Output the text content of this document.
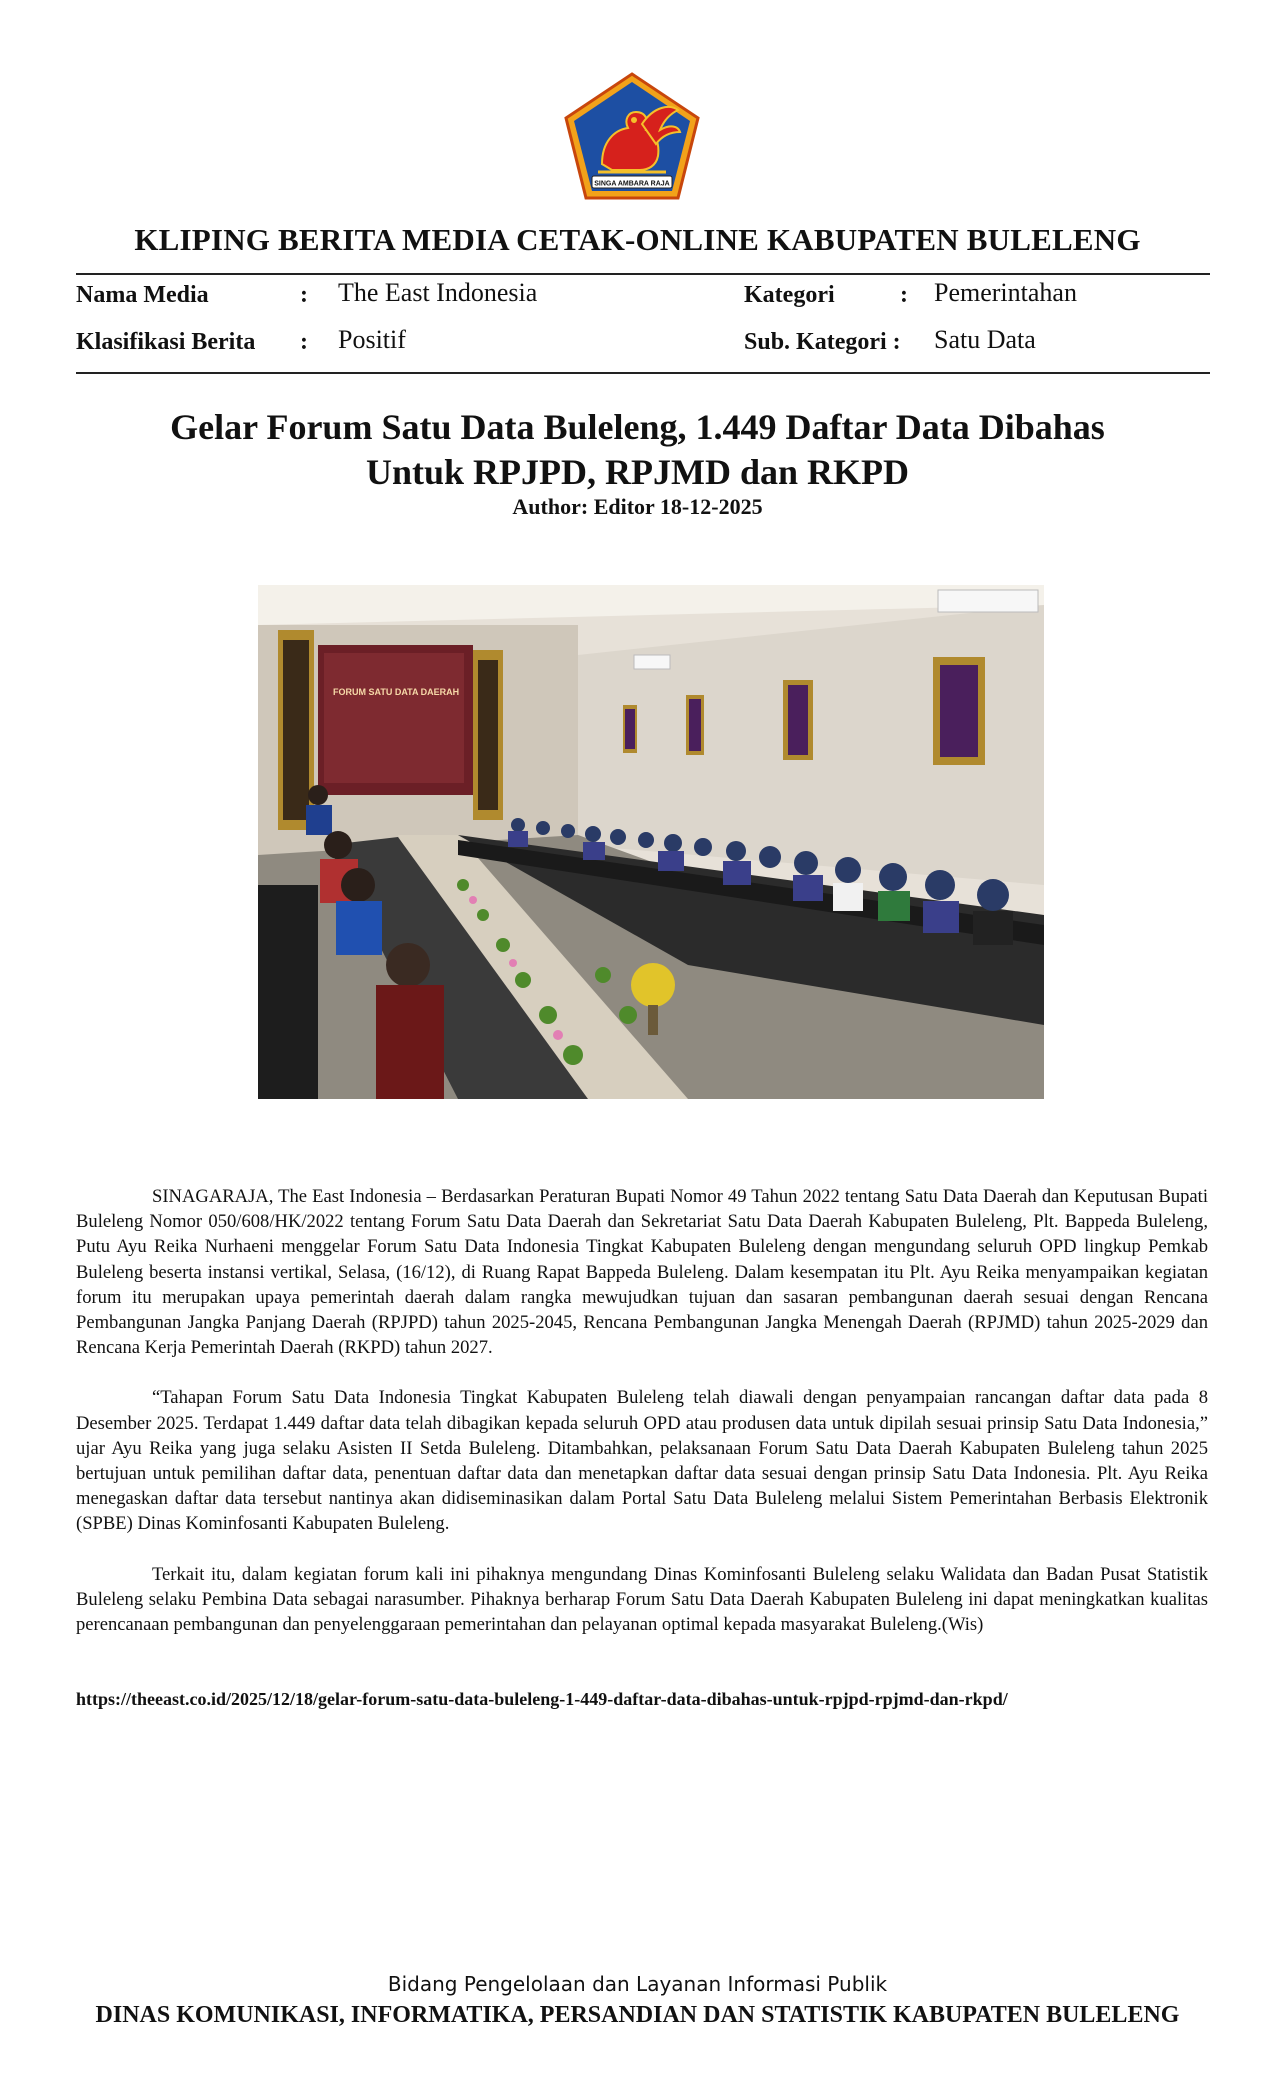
SINGA AMBARA RAJA
KLIPING BERITA MEDIA CETAK-ONLINE KABUPATEN BULELENG
Nama Media	: The East Indonesia	Kategori	: Pemerintahan
Klasifikasi Berita : Positif	Sub. Kategori : Satu Data
Gelar Forum Satu Data Buleleng, 1.449 Daftar Data Dibahas
Untuk RPJPD, RPJMD dan RKPD
Author: Editor 18-12-2025
FORUM SATU DATA DAERAH

SINAGARAJA, The East Indonesia – Berdasarkan Peraturan Bupati Nomor 49 Tahun 2022 tentang Satu Data Daerah dan Keputusan Bupati Buleleng Nomor 050/608/HK/2022 tentang Forum Satu Data Daerah dan Sekretariat Satu Data Daerah Kabupaten Buleleng, Plt. Bappeda Buleleng, Putu Ayu Reika Nurhaeni menggelar Forum Satu Data Indonesia Tingkat Kabupaten Buleleng dengan mengundang seluruh OPD lingkup Pemkab Buleleng beserta instansi vertikal, Selasa, (16/12), di Ruang Rapat Bappeda Buleleng. Dalam kesempatan itu Plt. Ayu Reika menyampaikan kegiatan forum itu merupakan upaya pemerintah daerah dalam rangka mewujudkan tujuan dan sasaran pembangunan daerah sesuai dengan Rencana Pembangunan Jangka Panjang Daerah (RPJPD) tahun 2025-2045, Rencana Pembangunan Jangka Menengah Daerah (RPJMD) tahun 2025-2029 dan Rencana Kerja Pemerintah Daerah (RKPD) tahun 2027.

“Tahapan Forum Satu Data Indonesia Tingkat Kabupaten Buleleng telah diawali dengan penyampaian rancangan daftar data pada 8 Desember 2025. Terdapat 1.449 daftar data telah dibagikan kepada seluruh OPD atau produsen data untuk dipilah sesuai prinsip Satu Data Indonesia,” ujar Ayu Reika yang juga selaku Asisten II Setda Buleleng. Ditambahkan, pelaksanaan Forum Satu Data Daerah Kabupaten Buleleng tahun 2025 bertujuan untuk pemilihan daftar data, penentuan daftar data dan menetapkan daftar data sesuai dengan prinsip Satu Data Indonesia. Plt. Ayu Reika menegaskan daftar data tersebut nantinya akan didiseminasikan dalam Portal Satu Data Buleleng melalui Sistem Pemerintahan Berbasis Elektronik (SPBE) Dinas Kominfosanti Kabupaten Buleleng.

Terkait itu, dalam kegiatan forum kali ini pihaknya mengundang Dinas Kominfosanti Buleleng selaku Walidata dan Badan Pusat Statistik Buleleng selaku Pembina Data sebagai narasumber. Pihaknya berharap Forum Satu Data Daerah Kabupaten Buleleng ini dapat meningkatkan kualitas perencanaan pembangunan dan penyelenggaraan pemerintahan dan pelayanan optimal kepada masyarakat Buleleng.(Wis)

https://theeast.co.id/2025/12/18/gelar-forum-satu-data-buleleng-1-449-daftar-data-dibahas-untuk-rpjpd-rpjmd-dan-rkpd/
Bidang Pengelolaan dan Layanan Informasi Publik
DINAS KOMUNIKASI, INFORMATIKA, PERSANDIAN DAN STATISTIK KABUPATEN BULELENG
